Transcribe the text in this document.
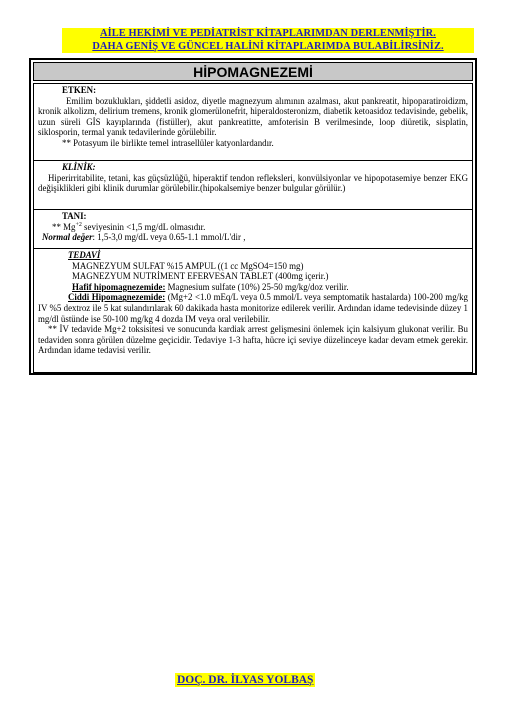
AİLE HEKİMİ VE PEDİATRİST KİTAPLARIMDAN DERLENMİŞTİR.
DAHA GENİŞ VE GÜNCEL HALİNİ KİTAPLARIMDA BULABİLİRSİNİZ.
HİPOMAGNEZEMİ
ETKEN:
Emilim bozuklukları, şiddetli asidoz, diyetle magnezyum alımının azalması, akut pankreatit, hipoparatiroidizm, kronik alkolizm, delirium tremens, kronik glomerülonefrit, hiperaldosteronizm, diabetik ketoasidoz tedavisinde, gebelik, uzun süreli GİS kayıplarında (fistüller), akut pankreatitte, amfoterisin B verilmesinde, loop diüretik, sisplatin, siklosporin, termal yanık tedavilerinde görülebilir.
** Potasyum ile birlikte temel intrasellüler katyonlardandır.
KLİNİK:
Hiperirritabilite, tetani, kas güçsüzlüğü, hiperaktif tendon refleksleri, konvülsiyonlar ve hipopotasemiye benzer EKG değişiklikleri gibi klinik durumlar görülebilir.(hipokalsemiye benzer bulgular görülür.)
TANI:
** $Mg^{+2}$ seviyesinin <1,5 mg/dL olmasıdır.
Normal değer: 1,5-3,0 mg/dL veya 0.65-1.1 mmol/L'dir ,
TEDAVİ
MAGNEZYUM SULFAT %15 AMPUL ((1 cc MgSO4=150 mg)
MAGNEZYUM NUTRİMENT EFERVESAN TABLET (400mg içerir.)
Hafif hipomagnezemide: Magnesium sulfate (10%) 25-50 mg/kg/doz verilir.
Ciddi Hipomagnezemide: (Mg+2 <1.0 mEq/L veya 0.5 mmol/L veya semptomatik hastalarda) 100-200 mg/kg IV %5 dextroz ile 5 kat sulandırılarak 60 dakikada hasta monitorize edilerek verilir. Ardından idame tedevisinde düzey 1 mg/dl üstünde ise 50-100 mg/kg 4 dozda IM veya oral verilebilir.
** İV tedavide Mg+2 toksisitesi ve sonucunda kardiak arrest gelişmesini önlemek için kalsiyum glukonat verilir. Bu tedaviden sonra görülen düzelme geçicidir. Tedaviye 1-3 hafta, hücre içi seviye düzelinceye kadar devam etmek gerekir. Ardından idame tedavisi verilir.
DOÇ. DR. İLYAS YOLBAŞ
